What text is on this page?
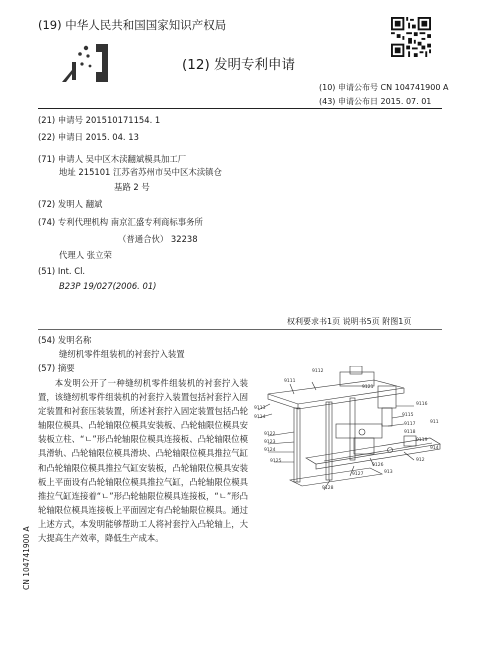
(19) 中华人民共和国国家知识产权局
(12) 发明专利申请
(10) 申请公布号 CN 104741900 A
(43) 申请公布日 2015. 07. 01
(21) 申请号 201510171154. 1
(22) 申请日 2015. 04. 13
(71) 申请人 吴中区木渎翻斌模具加工厂
地址 215101 江苏省苏州市吴中区木渎镇仓
基路 2 号
(72) 发明人 翻斌
(74) 专利代理机构 南京汇盛专利商标事务所
（普通合伙） 32238
代理人 张立荣
(51) Int. Cl.
B23P 19/027(2006. 01)
权利要求书1页 说明书5页 附图1页
(54) 发明名称
缝纫机零件组装机的衬套拧入装置
(57) 摘要
本发明公开了一种缝纫机零件组装机的衬套拧入装置，该缝纫机零件组装机的衬套拧入装置包括衬套拧入固定装置和衬套压装装置，所述衬套拧入固定装置包括凸轮轴限位模具、凸轮轴限位模具安装板、凸轮轴限位模具安装板立柱、“ㄴ”形凸轮轴限位模具连接板、凸轮轴限位模具滑轨、凸轮轴限位模具滑块、凸轮轴限位模具推拉气缸和凸轮轴限位模具推拉气缸安装板，凸轮轴限位模具安装板上平面设有凸轮轴限位模具推拉气缸，凸轮轴限位模具推拉气缸连接着“ㄴ”形凸轮轴限位模具连接板，“ㄴ”形凸轮轴限位模具连接板上平面固定有凸轮轴限位模具。通过上述方式，本发明能够帮助工人将衬套拧入凸轮轴上，大大提高生产效率，降低生产成本。
9112
9111
9121
9116
9113
911
9114	9115
9117
9118
9119
912
9122
9123
9124
9125
9126
9127
9128
913
914
CN 104741900 A
